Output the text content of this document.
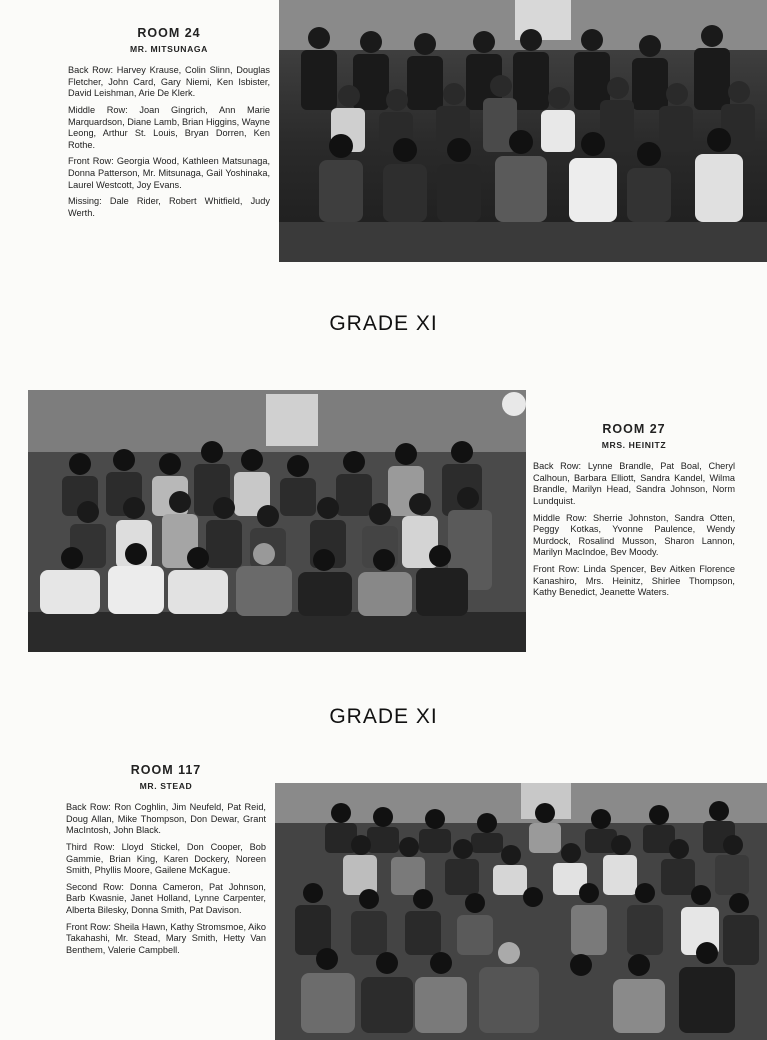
ROOM 24
MR. MITSUNAGA
Back Row: Harvey Krause, Colin Slinn, Douglas Fletcher, John Card, Gary Niemi, Ken Isbister, David Leishman, Arie De Klerk.
Middle Row: Joan Gingrich, Ann Marie Marquardson, Diane Lamb, Brian Higgins, Wayne Leong, Arthur St. Louis, Bryan Dorren, Ken Rothe.
Front Row: Georgia Wood, Kathleen Matsunaga, Donna Patterson, Mr. Mitsunaga, Gail Yoshinaka, Laurel Westcott, Joy Evans.
Missing: Dale Rider, Robert Whitfield, Judy Werth.
GRADE XI
ROOM 27
MRS. HEINITZ
Back Row: Lynne Brandle, Pat Boal, Cheryl Calhoun, Barbara Elliott, Sandra Kandel, Wilma Brandle, Marilyn Head, Sandra Johnson, Norm Lundquist.
Middle Row: Sherrie Johnston, Sandra Otten, Peggy Kotkas, Yvonne Paulence, Wendy Murdock, Rosalind Musson, Sharon Lannon, Marilyn MacIndoe, Bev Moody.
Front Row: Linda Spencer, Bev Aitken Florence Kanashiro, Mrs. Heinitz, Shirlee Thompson, Kathy Benedict, Jeanette Waters.
GRADE XI
ROOM 117
MR. STEAD
Back Row: Ron Coghlin, Jim Neufeld, Pat Reid, Doug Allan, Mike Thompson, Don Dewar, Grant MacIntosh, John Black.
Third Row: Lloyd Stickel, Don Cooper, Bob Gammie, Brian King, Karen Dockery, Noreen Smith, Phyllis Moore, Gailene McKague.
Second Row: Donna Cameron, Pat Johnson, Barb Kwasnie, Janet Holland, Lynne Carpenter, Alberta Bilesky, Donna Smith, Pat Davison.
Front Row: Sheila Hawn, Kathy Stromsmoe, Aiko Takahashi, Mr. Stead, Mary Smith, Hetty Van Benthem, Valerie Campbell.
